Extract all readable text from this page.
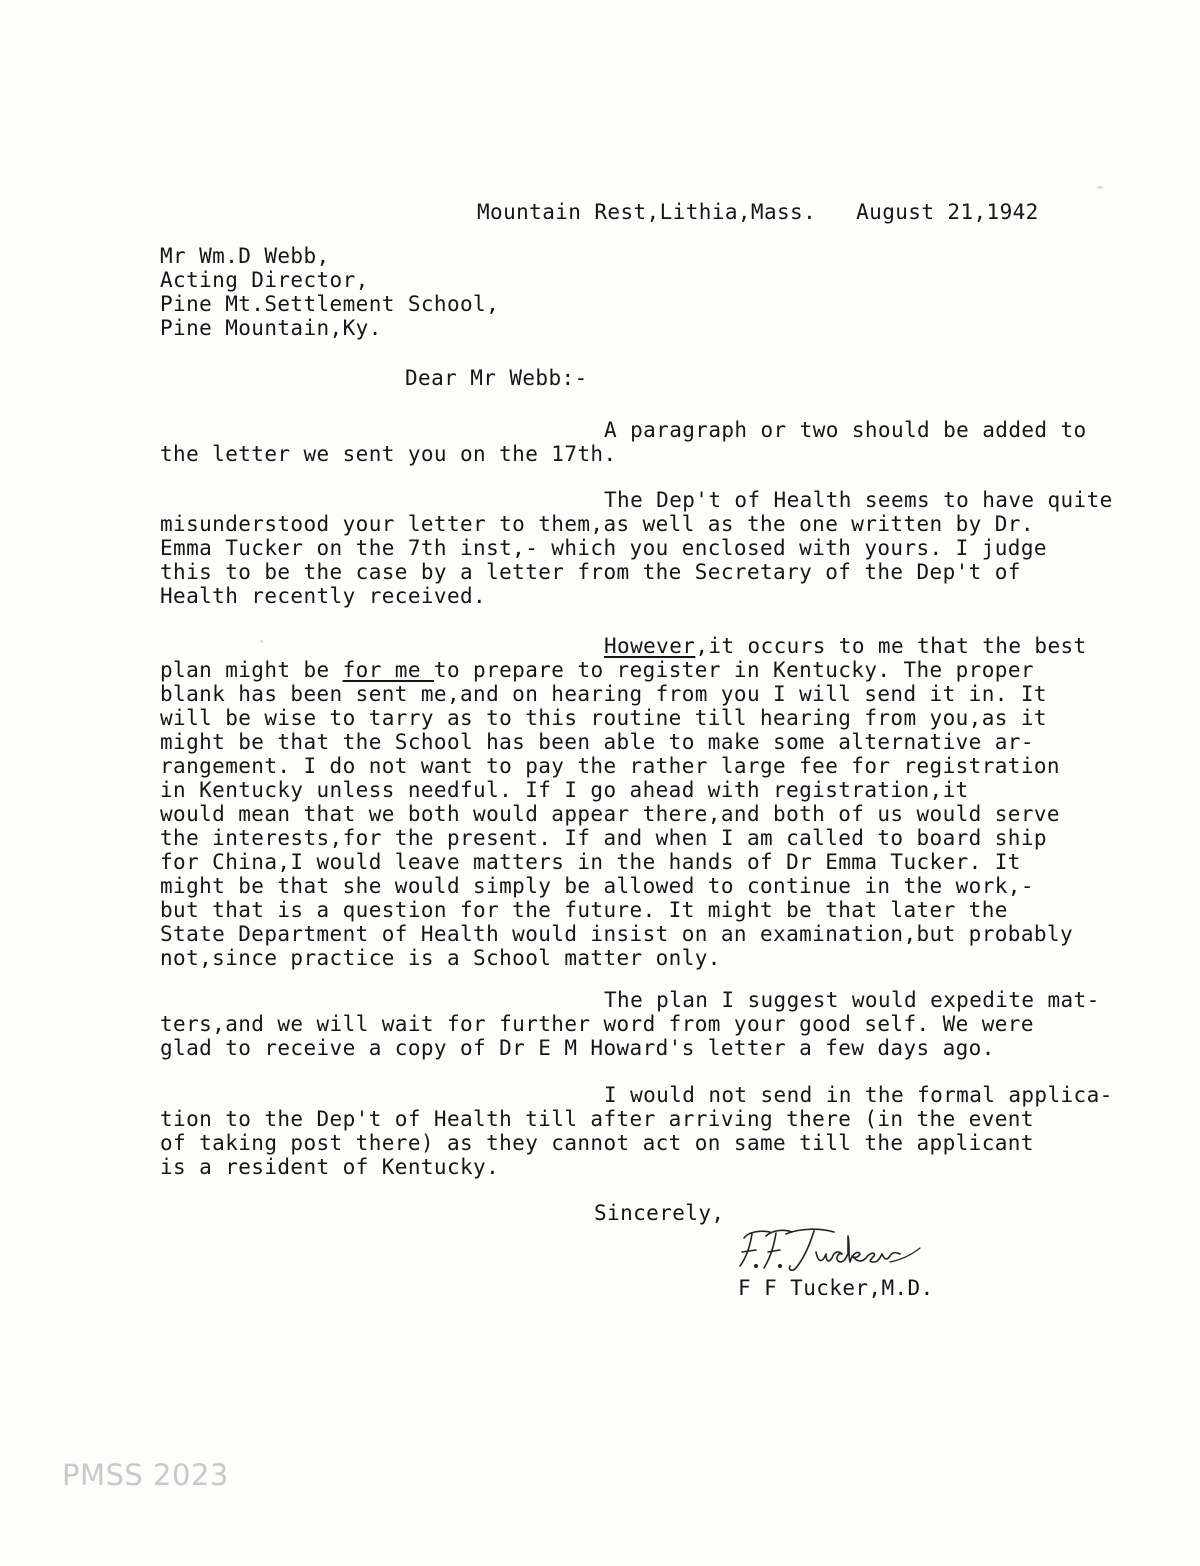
Mountain Rest,Lithia,Mass. August 21,1942
Mr Wm.D Webb,
Acting Director,
Pine Mt.Settlement School,
Pine Mountain,Ky.
Dear Mr Webb:-
A paragraph or two should be added to
the letter we sent you on the 17th.
The Dep't of Health seems to have quite
misunderstood your letter to them,as well as the one written by Dr.
Emma Tucker on the 7th inst,- which you enclosed with yours. I judge
this to be the case by a letter from the Secretary of the Dep't of
Health recently received.
However,it occurs to me that the best
plan might be for me to prepare to register in Kentucky. The proper
blank has been sent me,and on hearing from you I will send it in. It
will be wise to tarry as to this routine till hearing from you,as it
might be that the School has been able to make some alternative ar-
rangement. I do not want to pay the rather large fee for registration
in Kentucky unless needful. If I go ahead with registration,it
would mean that we both would appear there,and both of us would serve
the interests,for the present. If and when I am called to board ship
for China,I would leave matters in the hands of Dr Emma Tucker. It
might be that she would simply be allowed to continue in the work,-
but that is a question for the future. It might be that later the
State Department of Health would insist on an examination,but probably
not,since practice is a School matter only.
The plan I suggest would expedite mat-
ters,and we will wait for further word from your good self. We were
glad to receive a copy of Dr E M Howard's letter a few days ago.
I would not send in the formal applica-
tion to the Dep't of Health till after arriving there (in the event
of taking post there) as they cannot act on same till the applicant
is a resident of Kentucky.
Sincerely,
F F Tucker,M.D.
PMSS 2023
